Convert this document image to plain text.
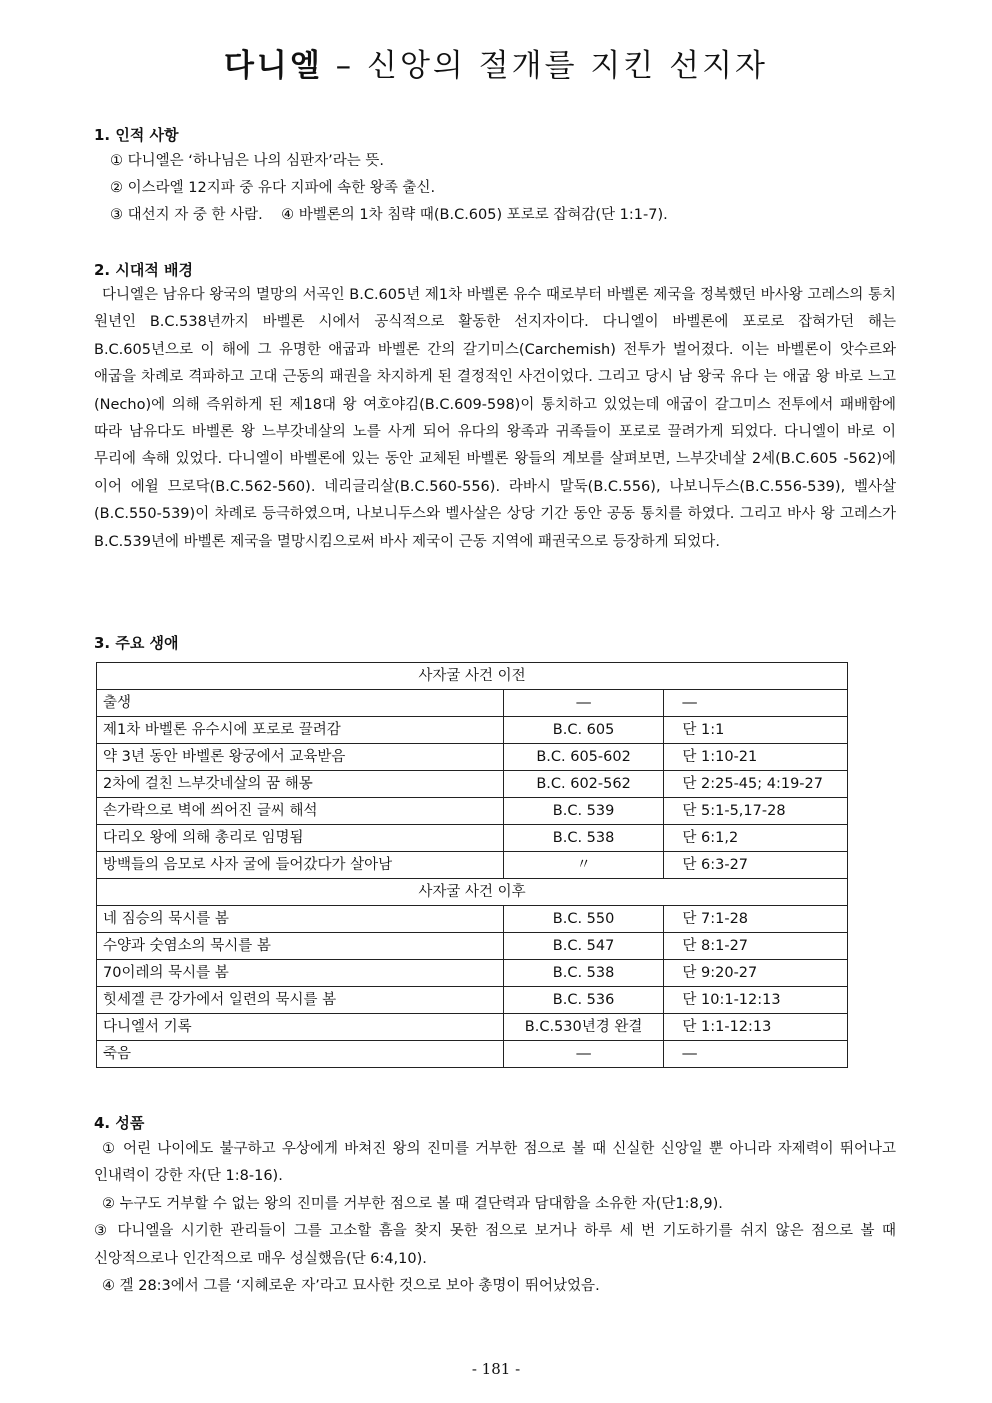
다니엘 – 신앙의 절개를 지킨 선지자
1. 인적 사항
① 다니엘은 ‘하나님은 나의 심판자’라는 뜻.
② 이스라엘 12지파 중 유다 지파에 속한 왕족 출신.
③ 대선지 자 중 한 사람.    ④ 바벨론의 1차 침략 때(B.C.605) 포로로 잡혀감(단 1:1-7).
2. 시대적 배경

다니엘은 남유다 왕국의 멸망의 서곡인 B.C.605년 제1차 바벨론 유수 때로부터 바벨론 제국을 정복했던 바사왕 고레스의 통치 원년인 B.C.538년까지 바벨론 시에서 공식적으로 활동한 선지자이다. 다니엘이 바벨론에 포로로 잡혀가던 해는 B.C.605년으로 이 해에 그 유명한 애굽과 바벨론 간의 갈기미스(Carchemish) 전투가 벌어졌다. 이는 바벨론이 앗수르와 애굽을 차례로 격파하고 고대 근동의 패권을 차지하게 된 결정적인 사건이었다. 그리고 당시 남 왕국 유다 는 애굽 왕 바로 느고(Necho)에 의해 즉위하게 된 제18대 왕 여호야김(B.C.609-598)이 통치하고 있었는데 애굽이 갈그미스 전투에서 패배함에 따라 남유다도 바벨론 왕 느부갓네살의 노를 사게 되어 유다의 왕족과 귀족들이 포로로 끌려가게 되었다. 다니엘이 바로 이 무리에 속해 있었다. 다니엘이 바벨론에 있는 동안 교체된 바벨론 왕들의 계보를 살펴보면, 느부갓네살 2세(B.C.605 -562)에 이어 에윌 므로닥(B.C.562-560). 네리글리살(B.C.560-556). 라바시 말둑(B.C.556), 나보니두스(B.C.556-539), 벨사살(B.C.550-539)이 차례로 등극하였으며, 나보니두스와 벨사살은 상당 기간 동안 공동 통치를 하였다. 그리고 바사 왕 고레스가 B.C.539년에 바벨론 제국을 멸망시킴으로써 바사 제국이 근동 지역에 패권국으로 등장하게 되었다.

3. 주요 생애
사자굴 사건 이전		
출생	―	―
제1차 바벨론 유수시에 포로로 끌려감	B.C. 605	단 1:1
약 3년 동안 바벨론 왕궁에서 교육받음	B.C. 605-602	단 1:10-21
2차에 걸친 느부갓네살의 꿈 해몽	B.C. 602-562	단 2:25-45; 4:19-27
손가락으로 벽에 씌어진 글씨 해석	B.C. 539	단 5:1-5,17-28
다리오 왕에 의해 총리로 임명됨	B.C. 538	단 6:1,2
방백들의 음모로 사자 굴에 들어갔다가 살아남	〃	단 6:3-27
사자굴 사건 이후		
네 짐승의 묵시를 봄	B.C. 550	단 7:1-28
수양과 숫염소의 묵시를 봄	B.C. 547	단 8:1-27
70이레의 묵시를 봄	B.C. 538	단 9:20-27
힛세겔 큰 강가에서 일련의 묵시를 봄	B.C. 536	단 10:1-12:13
다니엘서 기록	B.C.530년경 완결	단 1:1-12:13
죽음	―	―
4. 성품

① 어린 나이에도 불구하고 우상에게 바쳐진 왕의 진미를 거부한 점으로 볼 때 신실한 신앙일 뿐 아니라 자제력이 뛰어나고 인내력이 강한 자(단 1:8-16).

② 누구도 거부할 수 없는 왕의 진미를 거부한 점으로 볼 때 결단력과 담대함을 소유한 자(단1:8,9).

③ 다니엘을 시기한 관리들이 그를 고소할 흠을 찾지 못한 점으로 보거나 하루 세 번 기도하기를 쉬지 않은 점으로 볼 때 신앙적으로나 인간적으로 매우 성실했음(단 6:4,10).

④ 겔 28:3에서 그를 ‘지혜로운 자’라고 묘사한 것으로 보아 총명이 뛰어났었음.

- 181 -
